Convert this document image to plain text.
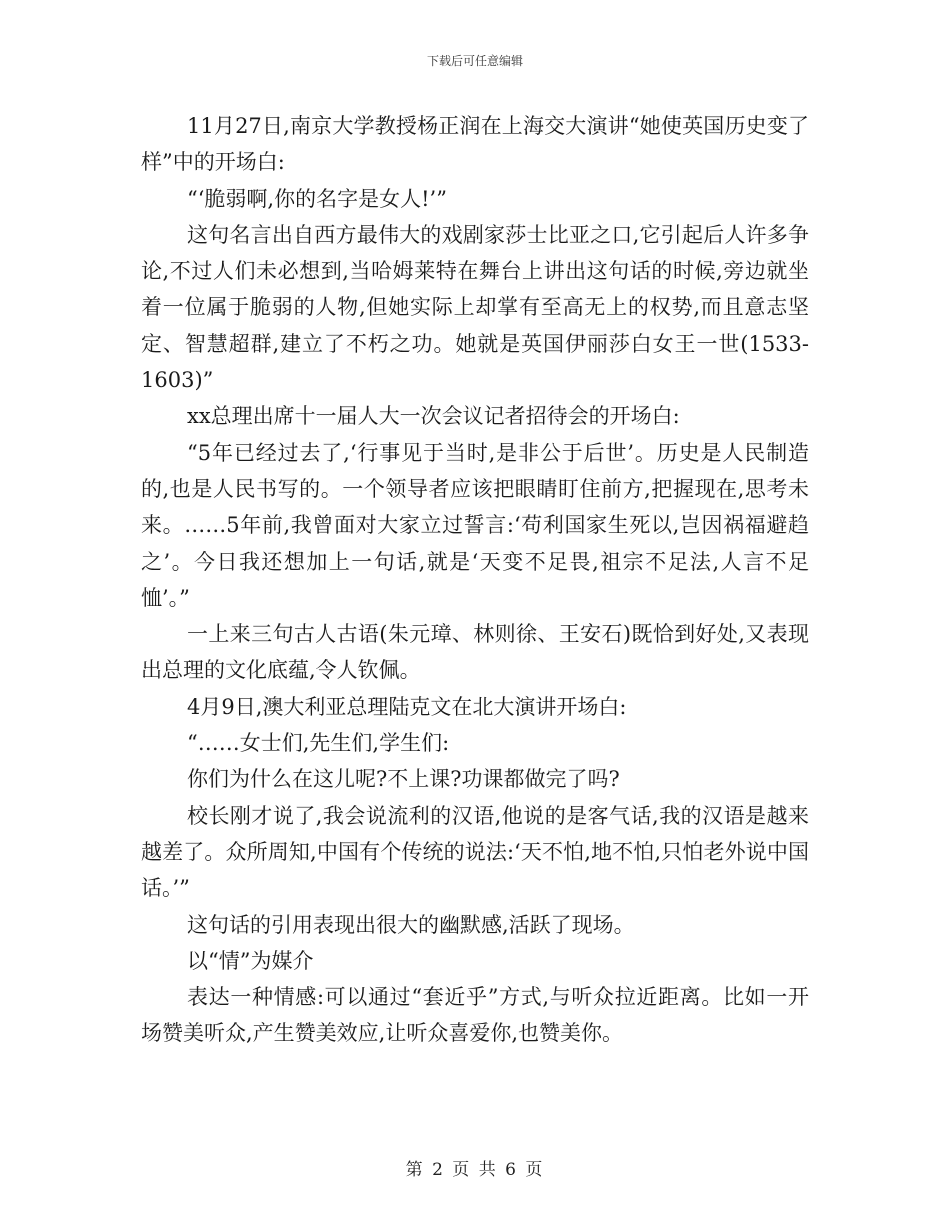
下载后可任意编辑

11月27日,南京大学教授杨正润在上海交大演讲“她使英国历史变了样”中的开场白:

“‘脆弱啊,你的名字是女人!’”

这句名言出自西方最伟大的戏剧家莎士比亚之口,它引起后人许多争论,不过人们未必想到,当哈姆莱特在舞台上讲出这句话的时候,旁边就坐着一位属于脆弱的人物,但她实际上却掌有至高无上的权势,而且意志坚定、智慧超群,建立了不朽之功。她就是英国伊丽莎白女王一世(1533-1603)”

xx总理出席十一届人大一次会议记者招待会的开场白:

“5年已经过去了,‘行事见于当时,是非公于后世’。历史是人民制造的,也是人民书写的。一个领导者应该把眼睛盯住前方,把握现在,思考未来。……5年前,我曾面对大家立过誓言:‘苟利国家生死以,岂因祸福避趋之’。今日我还想加上一句话,就是‘天变不足畏,祖宗不足法,人言不足恤’。”

一上来三句古人古语(朱元璋、林则徐、王安石)既恰到好处,又表现出总理的文化底蕴,令人钦佩。

4月9日,澳大利亚总理陆克文在北大演讲开场白:

“……女士们,先生们,学生们:

你们为什么在这儿呢?不上课?功课都做完了吗?

校长刚才说了,我会说流利的汉语,他说的是客气话,我的汉语是越来越差了。众所周知,中国有个传统的说法:‘天不怕,地不怕,只怕老外说中国话。’”

这句话的引用表现出很大的幽默感,活跃了现场。

以“情”为媒介

表达一种情感:可以通过“套近乎”方式,与听众拉近距离。比如一开场赞美听众,产生赞美效应,让听众喜爱你,也赞美你。

第 2 页 共 6 页
